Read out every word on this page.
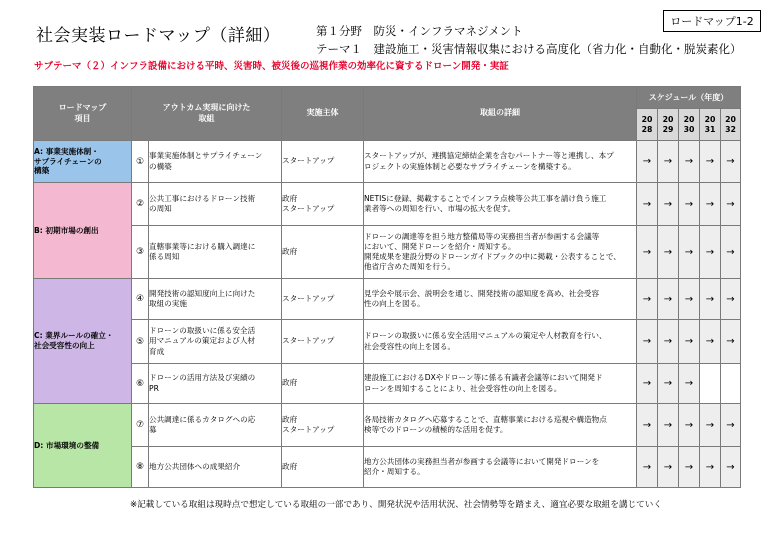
社会実装ロードマップ（詳細）	第１分野　防災・インフラマネジメント
テーマ１　建設施工・災害情報収集における高度化（省力化・自動化・脱炭素化）
ロードマップ1-2
サブテーマ（２）インフラ設備における平時、災害時、被災後の巡視作業の効率化に資するドローン開発・実証
ロードマップ
項目	アウトカム実現に向けた
取組		実施主体	取組の詳細	スケジュール（年度）				
					20
28	20
29	20
30	20
31	20
32
A: 事業実施体制・
サプライチェーンの
構築	①	事業実施体制とサプライチェーン
の構築	スタートアップ	スタートアップが、連携協定締結企業を含むパートナー等と連携し、本プ
ロジェクトの実施体制と必要なサプライチェーンを構築する。	→	→	→	→	→
B: 初期市場の創出	②	公共工事におけるドローン技術
の周知	政府
スタートアップ	NETISに登録、掲載することでインフラ点検等公共工事を請け負う施工
業者等への周知を行い、市場の拡大を促す。	→	→	→	→	→
	③	直轄事業等における購入調達に
係る周知	政府	ドローンの調達等を担う地方整備局等の実務担当者が参画する会議等
において、開発ドローンを紹介・周知する。
開発成果を建設分野のドローンガイドブックの中に掲載・公表することで、
他省庁含めた周知を行う。	→	→	→	→	→
C: 業界ルールの確立・
社会受容性の向上	④	開発技術の認知度向上に向けた
取組の実施	スタートアップ	見学会や展示会、説明会を通じ、開発技術の認知度を高め、社会受容
性の向上を図る。	→	→	→	→	→
	⑤	ドローンの取扱いに係る安全活
用マニュアルの策定および人材
育成	スタートアップ	ドローンの取扱いに係る安全活用マニュアルの策定や人材教育を行い、
社会受容性の向上を図る。	→	→	→	→	→
	⑥	ドローンの活用方法及び実績の
PR	政府	建設施工におけるDXやドローン等に係る有識者会議等において開発ド
ローンを周知することにより、社会受容性の向上を図る。	→	→	→		
D: 市場環境の整備	⑦	公共調達に係るカタログへの応
募	政府
スタートアップ	各局技術カタログへ応募することで、直轄事業における巡視や構造物点
検等でのドローンの積極的な活用を促す。	→	→	→	→	→
	⑧	地方公共団体への成果紹介	政府	地方公共団体の実務担当者が参画する会議等において開発ドローンを
紹介・周知する。	→	→	→	→	→
※記載している取組は現時点で想定している取組の一部であり、開発状況や活用状況、社会情勢等を踏まえ、適宜必要な取組を講じていく
